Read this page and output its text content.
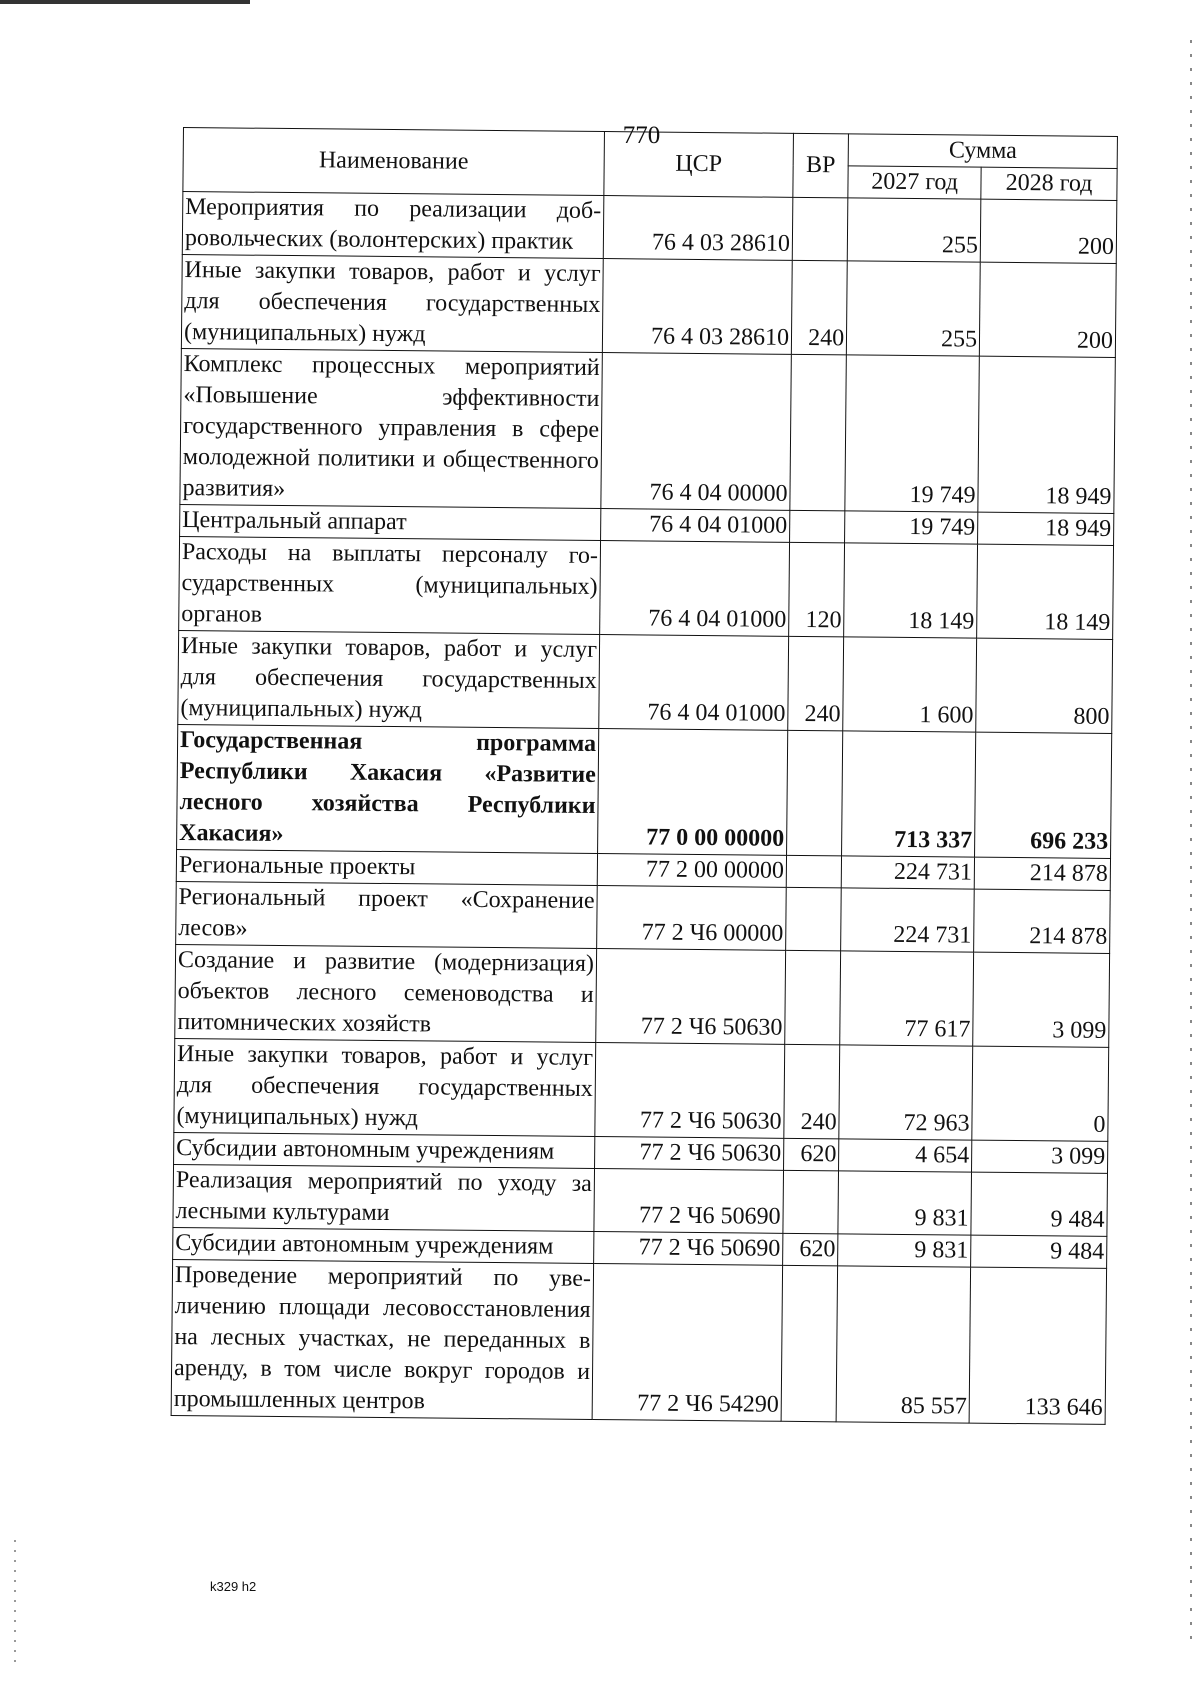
770
Наименование	ЦСР	ВР	Сумма	
			2027 год	2028 год
Мероприятия по реализации добровольческих (волонтерских) практик	76 4 03 28610		255	200
Иные закупки товаров, работ и услуг для обеспечения государственных (муниципальных) нужд	76 4 03 28610	240	255	200
Комплекс процессных мероприятий «Повышение эффективности государственного управления в сфере молодежной политики и общественного развития»	76 4 04 00000		19 749	18 949
Центральный аппарат	76 4 04 01000		19 749	18 949
Расходы на выплаты персоналу государственных (муниципальных) органов	76 4 04 01000	120	18 149	18 149
Иные закупки товаров, работ и услуг для обеспечения государственных (муниципальных) нужд	76 4 04 01000	240	1 600	800
Государственная программа Республики Хакасия «Развитие лесного хозяйства Республики Хакасия»	77 0 00 00000		713 337	696 233
Региональные проекты	77 2 00 00000		224 731	214 878
Региональный проект «Сохранение лесов»	77 2 Ч6 00000		224 731	214 878
Создание и развитие (модернизация) объектов лесного семеноводства и питомнических хозяйств	77 2 Ч6 50630		77 617	3 099
Иные закупки товаров, работ и услуг для обеспечения государственных (муниципальных) нужд	77 2 Ч6 50630	240	72 963	0
Субсидии автономным учреждениям	77 2 Ч6 50630	620	4 654	3 099
Реализация мероприятий по уходу за лесными культурами	77 2 Ч6 50690		9 831	9 484
Субсидии автономным учреждениям	77 2 Ч6 50690	620	9 831	9 484
Проведение мероприятий по увеличению площади лесовосстановления на лесных участках, не переданных в аренду, в том числе вокруг городов и промышленных центров	77 2 Ч6 54290		85 557	133 646
k329 h2
